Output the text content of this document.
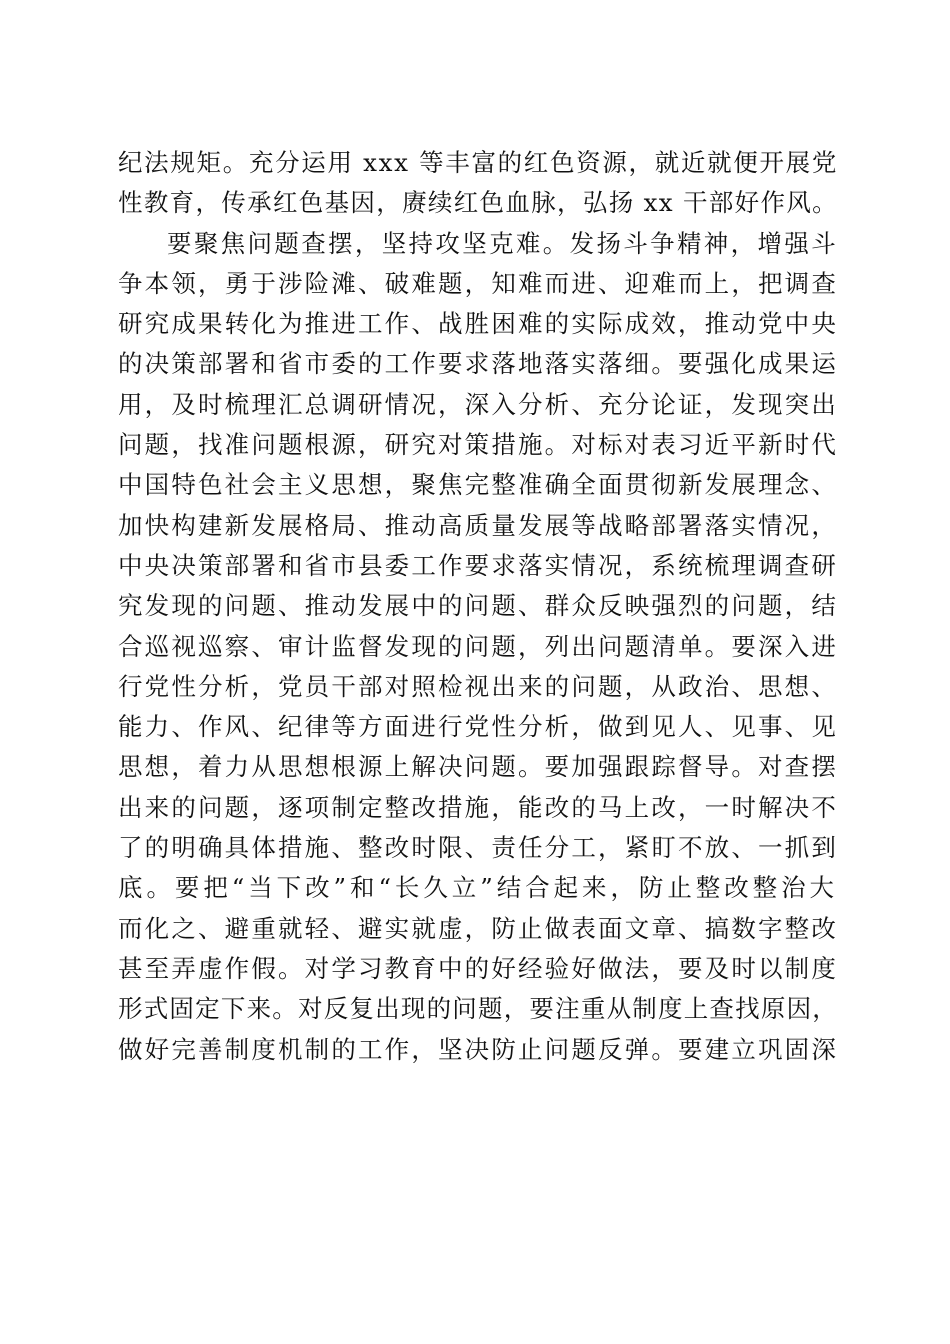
纪法规矩。充分运用 xxx 等丰富的红色资源，就近就便开展党
性教育，传承红色基因，赓续红色血脉，弘扬 xx 干部好作风。
要聚焦问题查摆，坚持攻坚克难。发扬斗争精神，增强斗
争本领，勇于涉险滩、破难题，知难而进、迎难而上，把调查
研究成果转化为推进工作、战胜困难的实际成效，推动党中央
的决策部署和省市委的工作要求落地落实落细。要强化成果运
用，及时梳理汇总调研情况，深入分析、充分论证，发现突出
问题，找准问题根源，研究对策措施。对标对表习近平新时代
中国特色社会主义思想，聚焦完整准确全面贯彻新发展理念、
加快构建新发展格局、推动高质量发展等战略部署落实情况，
中央决策部署和省市县委工作要求落实情况，系统梳理调查研
究发现的问题、推动发展中的问题、群众反映强烈的问题，结
合巡视巡察、审计监督发现的问题，列出问题清单。要深入进
行党性分析，党员干部对照检视出来的问题，从政治、思想、
能力、作风、纪律等方面进行党性分析，做到见人、见事、见
思想，着力从思想根源上解决问题。要加强跟踪督导。对查摆
出来的问题，逐项制定整改措施，能改的马上改，一时解决不
了的明确具体措施、整改时限、责任分工，紧盯不放、一抓到
底。要把“当下改”和“长久立”结合起来，防止整改整治大
而化之、避重就轻、避实就虚，防止做表面文章、搞数字整改
甚至弄虚作假。对学习教育中的好经验好做法，要及时以制度
形式固定下来。对反复出现的问题，要注重从制度上查找原因，
做好完善制度机制的工作，坚决防止问题反弹。要建立巩固深
